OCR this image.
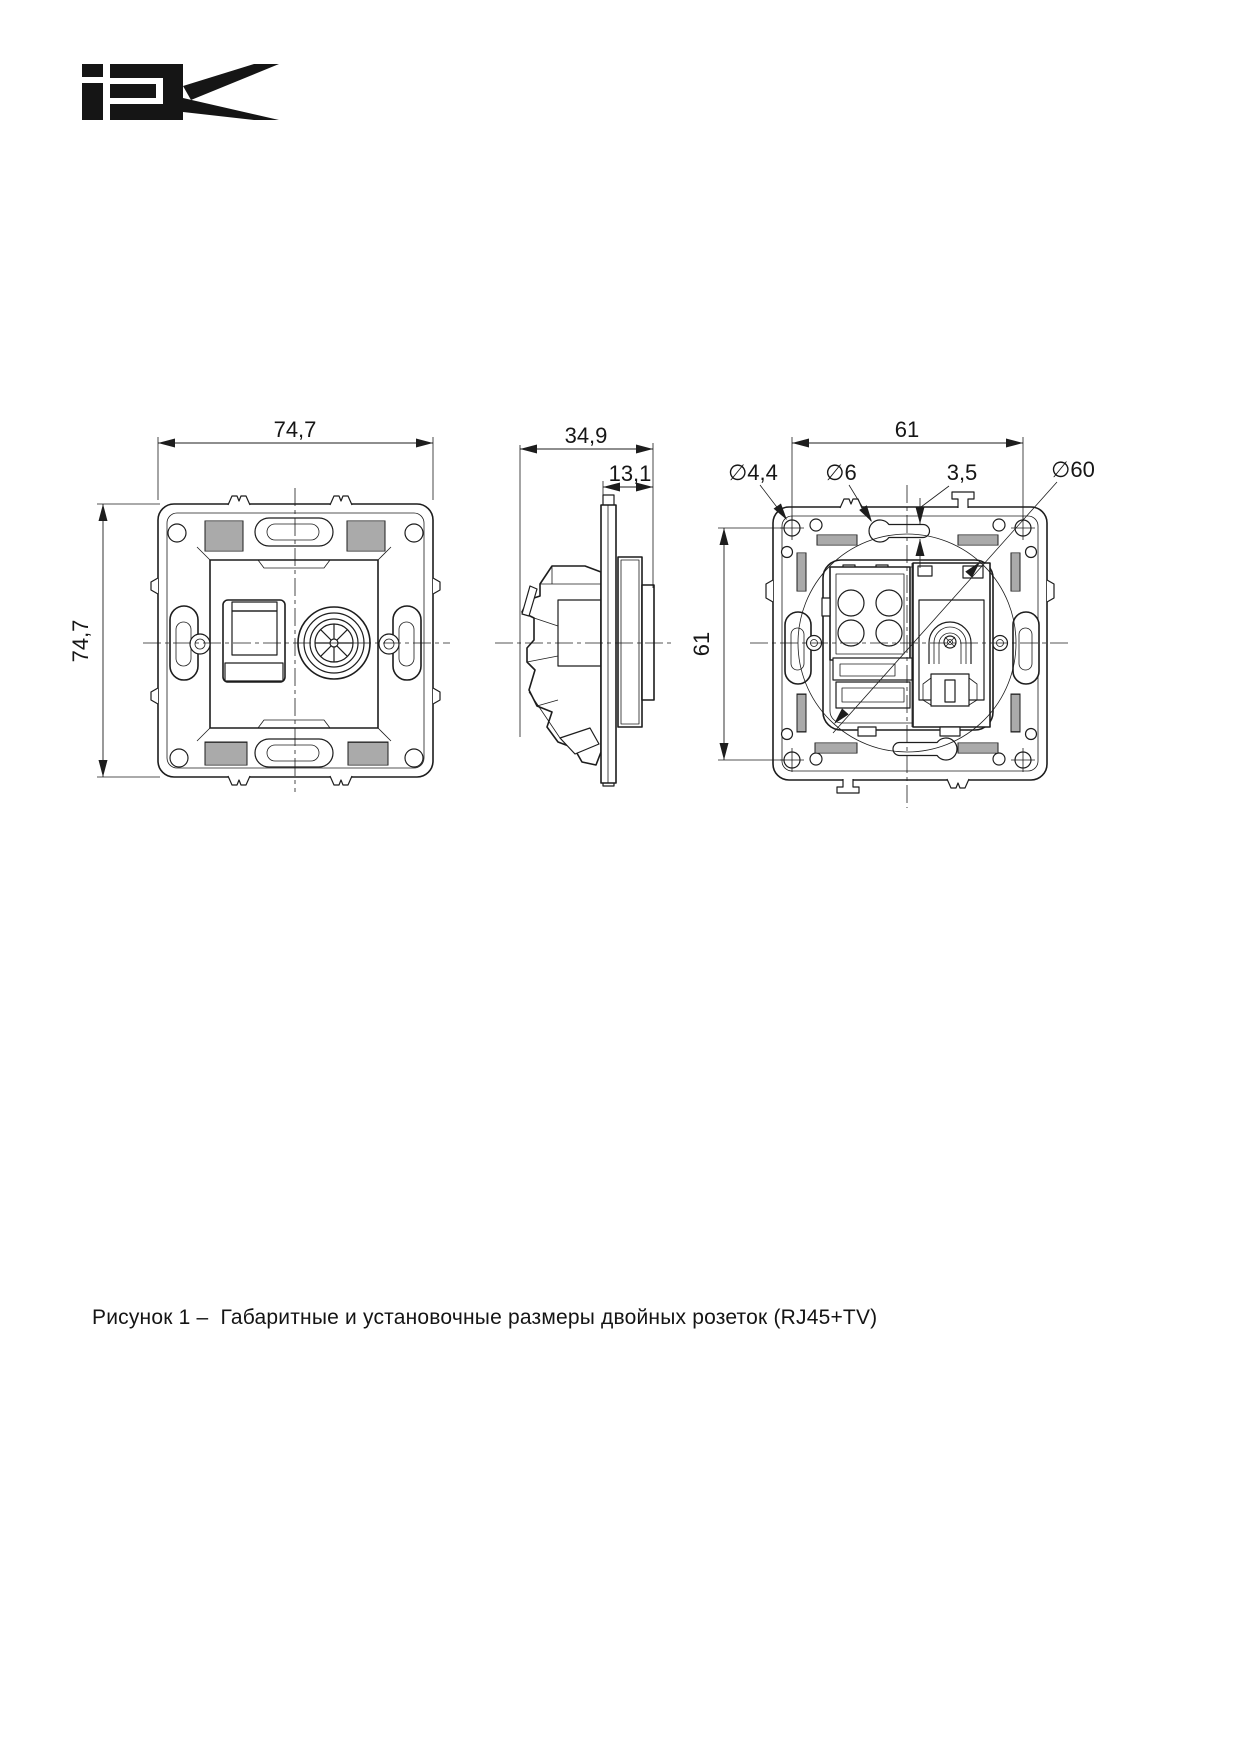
74,7
74,7
34,9
13,1
61
61
∅4,4 ∅6	3,5	∅60
Рисунок 1 –  Габаритные и установочные размеры двойных розеток (RJ45+TV)
